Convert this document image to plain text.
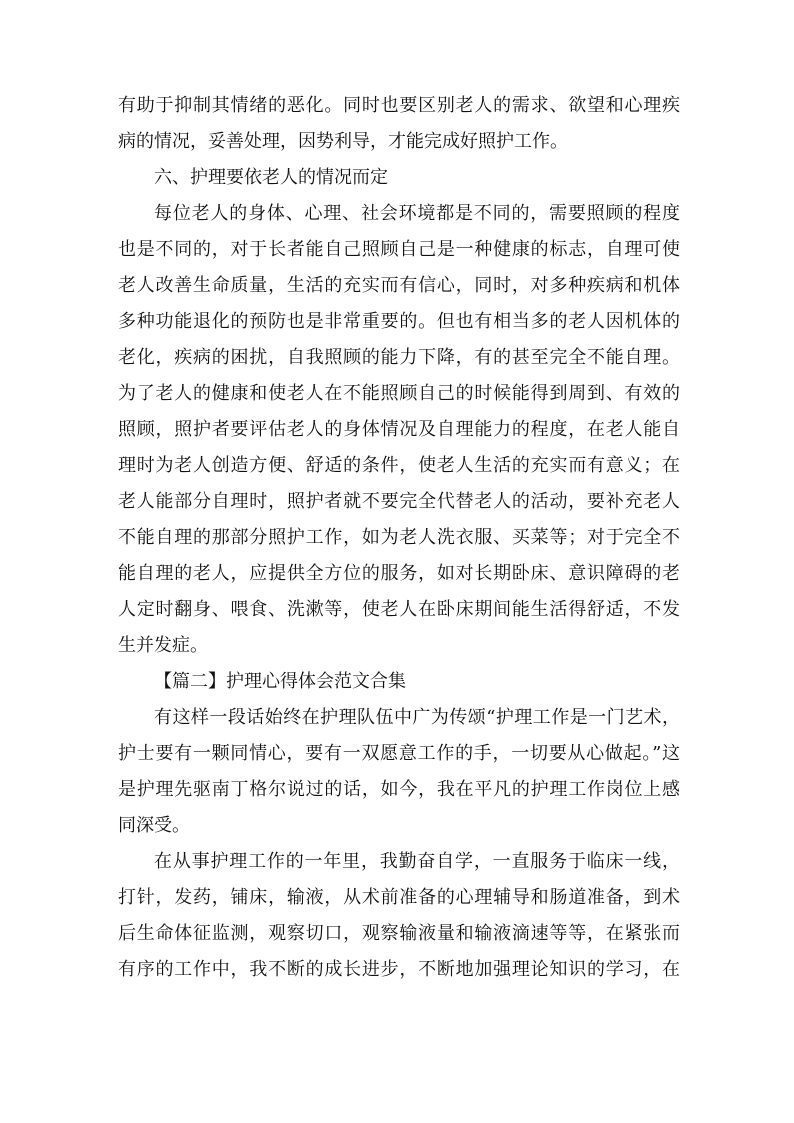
有助于抑制其情绪的恶化。同时也要区别老人的需求、欲望和心理疾
病的情况，妥善处理，因势利导，才能完成好照护工作。
六、护理要依老人的情况而定
每位老人的身体、心理、社会环境都是不同的，需要照顾的程度
也是不同的，对于长者能自己照顾自己是一种健康的标志，自理可使
老人改善生命质量，生活的充实而有信心，同时，对多种疾病和机体
多种功能退化的预防也是非常重要的。但也有相当多的老人因机体的
老化，疾病的困扰，自我照顾的能力下降，有的甚至完全不能自理。
为了老人的健康和使老人在不能照顾自己的时候能得到周到、有效的
照顾，照护者要评估老人的身体情况及自理能力的程度，在老人能自
理时为老人创造方便、舒适的条件，使老人生活的充实而有意义；在
老人能部分自理时，照护者就不要完全代替老人的活动，要补充老人
不能自理的那部分照护工作，如为老人洗衣服、买菜等；对于完全不
能自理的老人，应提供全方位的服务，如对长期卧床、意识障碍的老
人定时翻身、喂食、洗漱等，使老人在卧床期间能生活得舒适，不发
生并发症。
【篇二】护理心得体会范文合集
有这样一段话始终在护理队伍中广为传颂“护理工作是一门艺术，
护士要有一颗同情心，要有一双愿意工作的手，一切要从心做起。”这
是护理先驱南丁格尔说过的话，如今，我在平凡的护理工作岗位上感
同深受。
在从事护理工作的一年里，我勤奋自学，一直服务于临床一线，
打针，发药，铺床，输液，从术前准备的心理辅导和肠道准备，到术
后生命体征监测，观察切口，观察输液量和输液滴速等等，在紧张而
有序的工作中，我不断的成长进步，不断地加强理论知识的学习，在
